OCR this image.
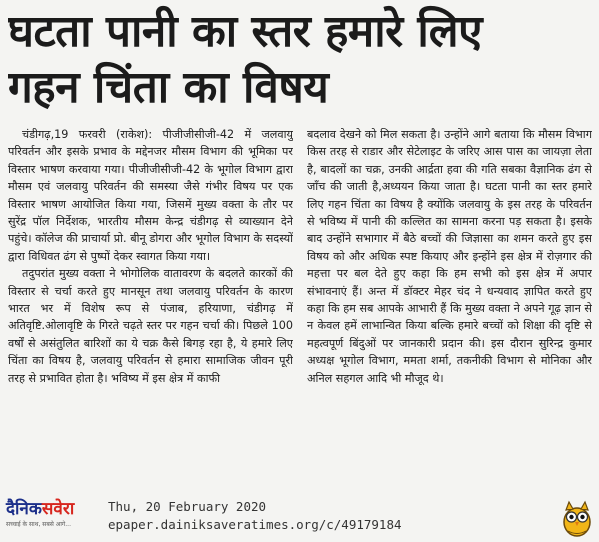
घटता पानी का स्तर हमारे लिए
गहन चिंता का विषय

चंडीगढ़,19 फरवरी (राकेश): पीजीजीसीजी-42 में जलवायु परिवर्तन और इसके प्रभाव के मद्देनजर मौसम विभाग की भूमिका पर विस्तार भाषण करवाया गया। पीजीजीसीजी-42 के भूगोल विभाग द्वारा मौसम एवं जलवायु परिवर्तन की समस्या जैसे गंभीर विषय पर एक विस्तार भाषण आयोजित किया गया, जिसमें मुख्य वक्ता के तौर पर सुरेंद्र पॉल निर्देशक, भारतीय मौसम केन्द्र चंडीगढ़ से व्याख्यान देने पहुंचे। कॉलेज की प्राचार्या प्रो. बीनू डोगरा और भूगोल विभाग के सदस्यों द्वारा विधिवत ढंग से पुष्पों देकर स्वागत किया गया।

तदुपरांत मुख्य वक्ता ने भोगोलिक वातावरण के बदलते कारकों की विस्तार से चर्चा करते हुए मानसून तथा जलवायु परिवर्तन के कारण भारत भर में विशेष रूप से पंजाब, हरियाणा, चंडीगढ़ में अतिवृष्टि.ओलावृष्टि के गिरते चढ़ते स्तर पर गहन चर्चा की। पिछले 100 वर्षों से असंतुलित बारिशों का ये चक्र कैसे बिगड़ रहा है, ये हमारे लिए चिंता का विषय है, जलवायु परिवर्तन से हमारा सामाजिक जीवन पूरी तरह से प्रभावित होता है। भविष्य में इस क्षेत्र में काफी

बदलाव देखने को मिल सकता है। उन्होंने आगे बताया कि मौसम विभाग किस तरह से राडार और सेटेलाइट के जरिए आस पास का जायज़ा लेता है, बादलों का चक्र, उनकी आर्द्रता हवा की गति सबका वैज्ञानिक ढंग से जाँच की जाती है,अध्ययन किया जाता है। घटता पानी का स्तर हमारे लिए गहन चिंता का विषय है क्योंकि जलवायु के इस तरह के परिवर्तन से भविष्य में पानी की कल्लित का सामना करना पड़ सकता है। इसके बाद उन्होंने सभागार में बैठे बच्चों की जिज्ञासा का शमन करते हुए इस विषय को और अधिक स्पष्ट कियाए और इन्होंने इस क्षेत्र में रोज़गार की महत्ता पर बल देते हुए कहा कि हम सभी को इस क्षेत्र में अपार संभावनाएं हैं। अन्त में डॉक्टर मेहर चंद ने धन्यवाद ज्ञापित करते हुए कहा कि हम सब आपके आभारी हैं कि मुख्य वक्ता ने अपने गूढ़ ज्ञान से न केवल हमें लाभान्वित किया बल्कि हमारे बच्चों को शिक्षा की दृष्टि से महत्वपूर्ण बिंदुओं पर जानकारी प्रदान की। इस दौरान सुरिन्द्र कुमार अध्यक्ष भूगोल विभाग, ममता शर्मा, तकनीकी विभाग से मोनिका और अनिल सहगल आदि भी मौजूद थे।

दैनिकसवेरा
सच्चाई के साथ, सबसे आगे...
Thu, 20 February 2020
epaper.dainiksaveratimes.org/c/49179184
